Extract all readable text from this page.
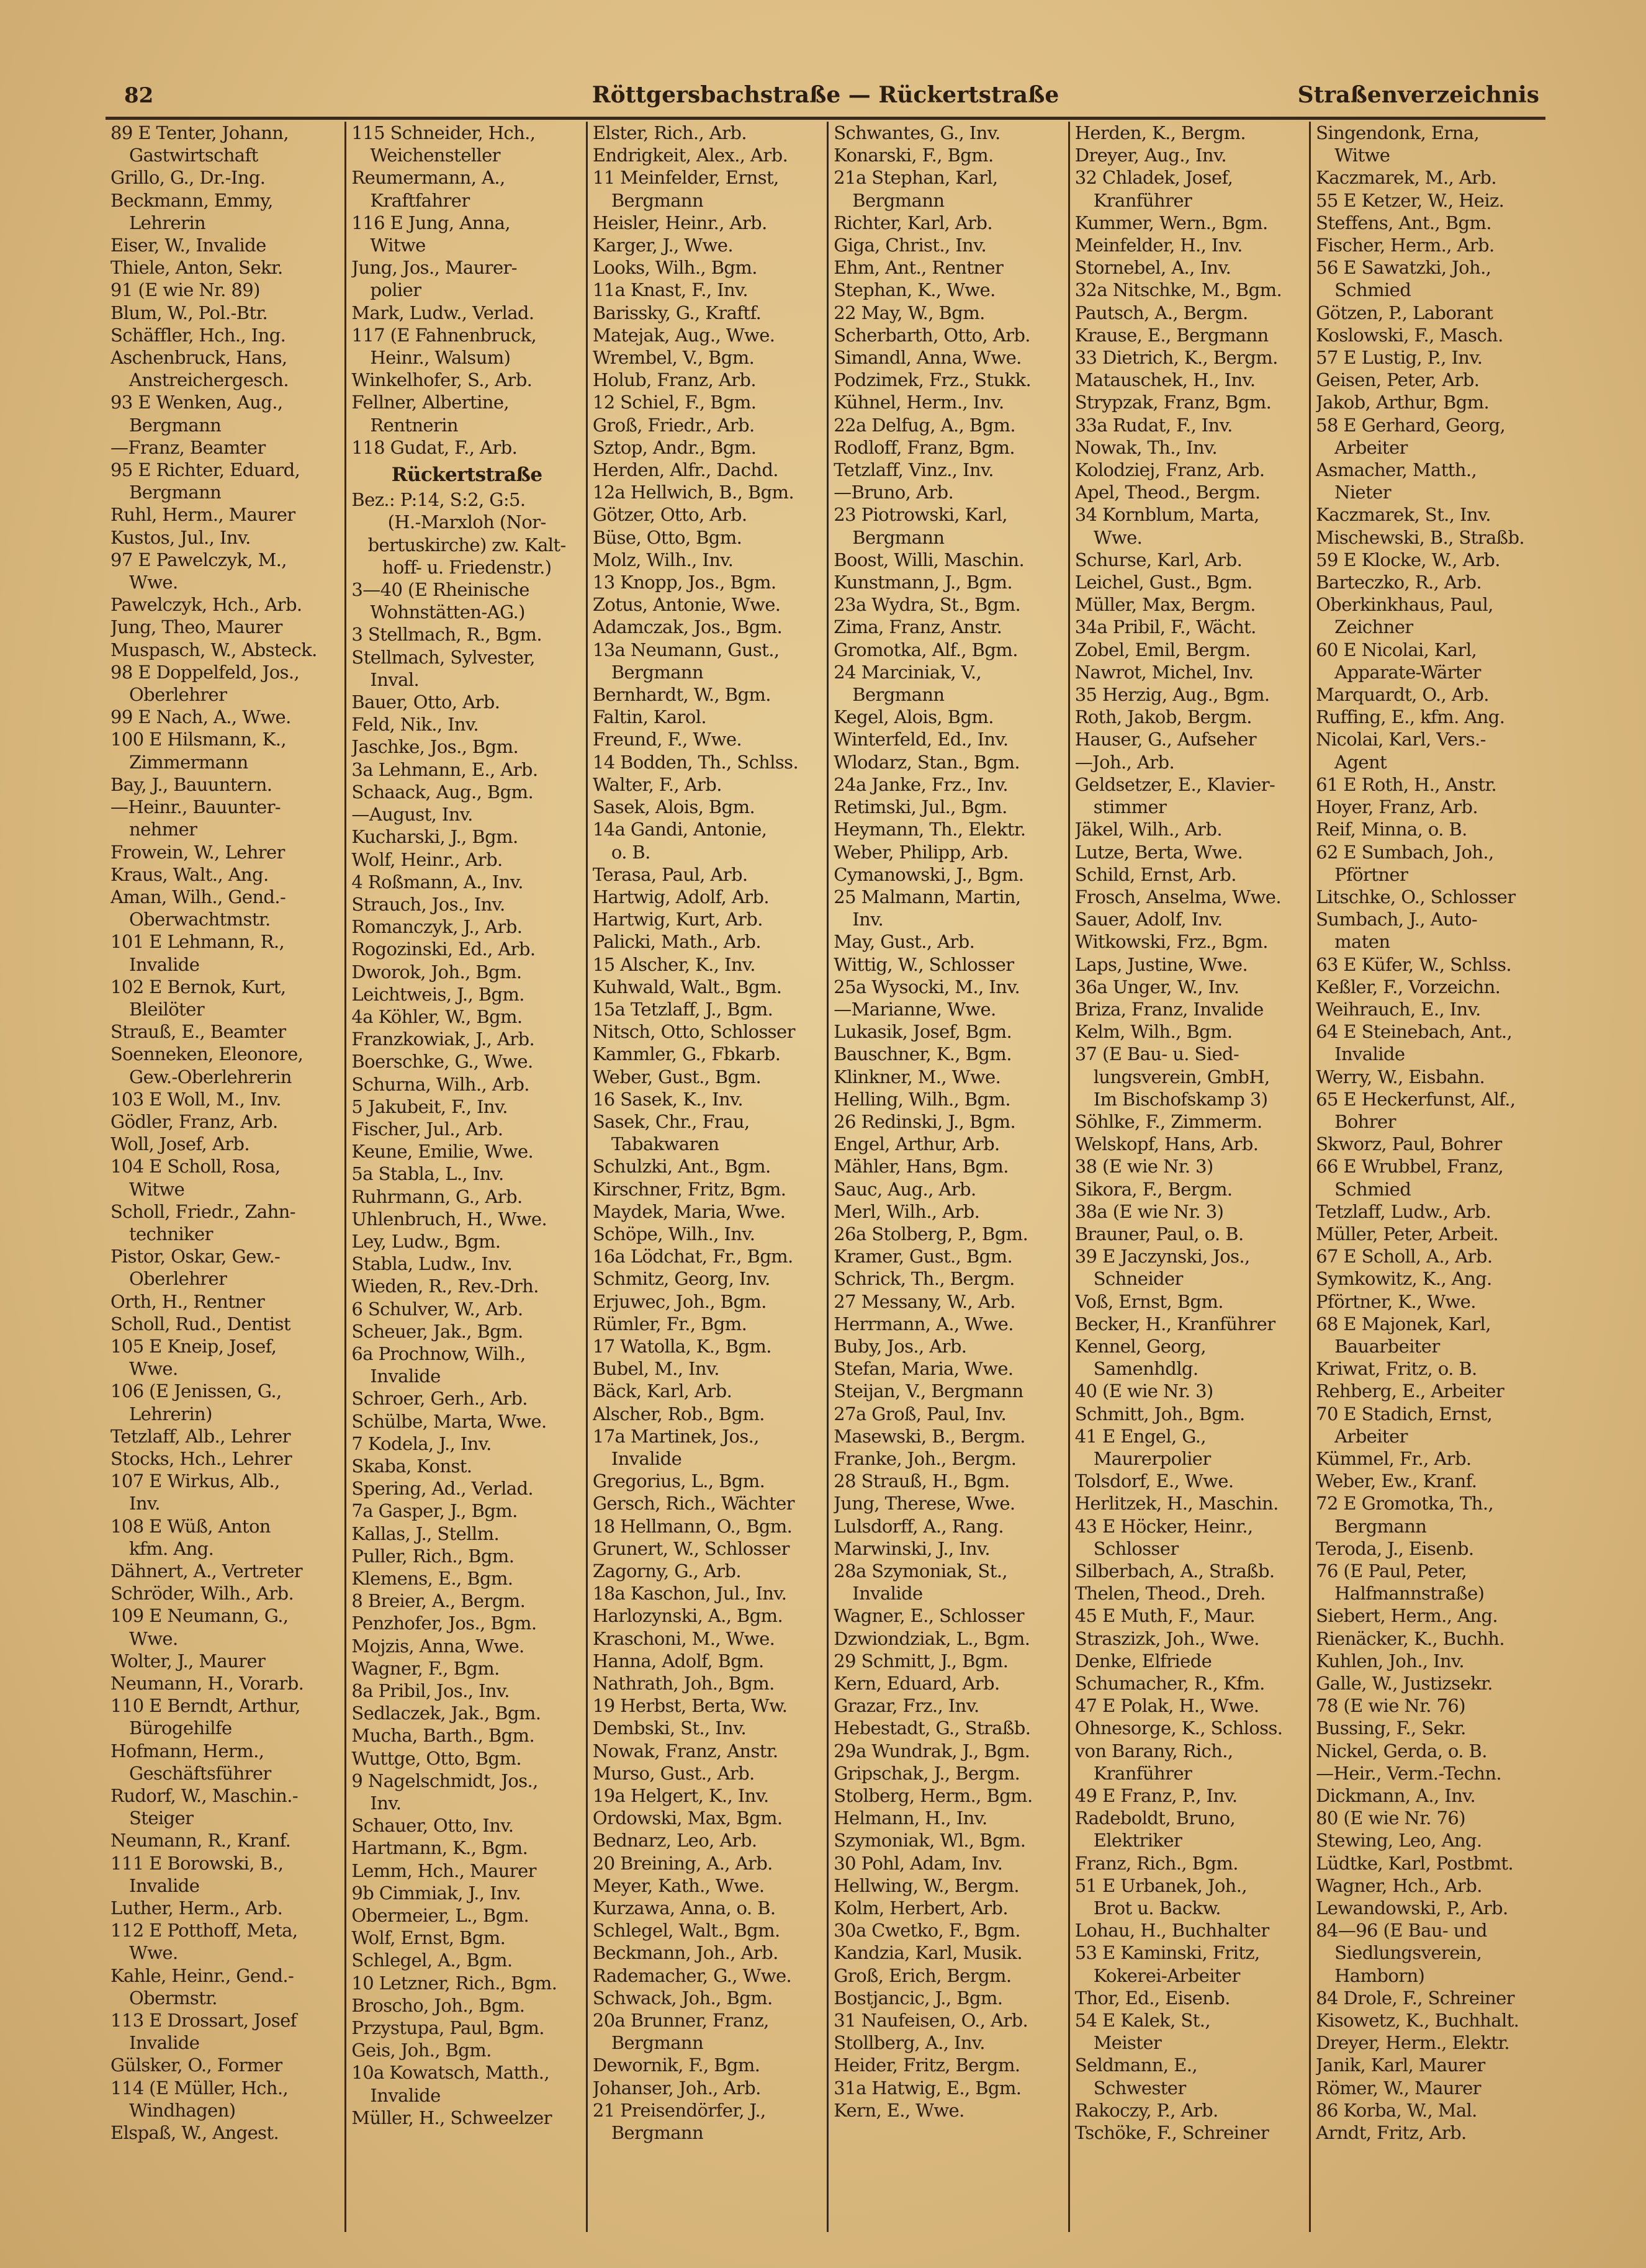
82	Röttgersbachstraße — Rückertstraße	Straßenverzeichnis
89 E Tenter, Johann,
Gastwirtschaft
Grillo, G., Dr.-Ing.
Beckmann, Emmy,
Lehrerin
Eiser, W., Invalide
Thiele, Anton, Sekr.
91 (E wie Nr. 89)
Blum, W., Pol.-Btr.
Schäffler, Hch., Ing.
Aschenbruck, Hans,
Anstreichergesch.
93 E Wenken, Aug.,
Bergmann
—Franz, Beamter
95 E Richter, Eduard,
Bergmann
Ruhl, Herm., Maurer
Kustos, Jul., Inv.
97 E Pawelczyk, M.,
Wwe.
Pawelczyk, Hch., Arb.
Jung, Theo, Maurer
Muspasch, W., Absteck.
98 E Doppelfeld, Jos.,
Oberlehrer
99 E Nach, A., Wwe.
100 E Hilsmann, K.,
Zimmermann
Bay, J., Bauuntern.
—Heinr., Bauunter-
nehmer
Frowein, W., Lehrer
Kraus, Walt., Ang.
Aman, Wilh., Gend.-
Oberwachtmstr.
101 E Lehmann, R.,
Invalide
102 E Bernok, Kurt,
Bleilöter
Strauß, E., Beamter
Soenneken, Eleonore,
Gew.-Oberlehrerin
103 E Woll, M., Inv.
Gödler, Franz, Arb.
Woll, Josef, Arb.
104 E Scholl, Rosa,
Witwe
Scholl, Friedr., Zahn-
techniker
Pistor, Oskar, Gew.-
Oberlehrer
Orth, H., Rentner
Scholl, Rud., Dentist
105 E Kneip, Josef,
Wwe.
106 (E Jenissen, G.,
Lehrerin)
Tetzlaff, Alb., Lehrer
Stocks, Hch., Lehrer
107 E Wirkus, Alb.,
Inv.
108 E Wüß, Anton
kfm. Ang.
Dähnert, A., Vertreter
Schröder, Wilh., Arb.
109 E Neumann, G.,
Wwe.
Wolter, J., Maurer
Neumann, H., Vorarb.
110 E Berndt, Arthur,
Bürogehilfe
Hofmann, Herm.,
Geschäftsführer
Rudorf, W., Maschin.-
Steiger
Neumann, R., Kranf.
111 E Borowski, B.,
Invalide
Luther, Herm., Arb.
112 E Potthoff, Meta,
Wwe.
Kahle, Heinr., Gend.-
Obermstr.
113 E Drossart, Josef
Invalide
Gülsker, O., Former
114 (E Müller, Hch.,
Windhagen)
Elspaß, W., Angest.
115 Schneider, Hch.,
Weichensteller
Reumermann, A.,
Kraftfahrer
116 E Jung, Anna,
Witwe
Jung, Jos., Maurer-
polier
Mark, Ludw., Verlad.
117 (E Fahnenbruck,
Heinr., Walsum)
Winkelhofer, S., Arb.
Fellner, Albertine,
Rentnerin
118 Gudat, F., Arb.
Rückertstraße
Bez.: P:14, S:2, G:5.
(H.-Marxloh (Nor-
bertuskirche) zw. Kalt-
hoff- u. Friedenstr.)
3—40 (E Rheinische
Wohnstätten-AG.)
3 Stellmach, R., Bgm.
Stellmach, Sylvester,
Inval.
Bauer, Otto, Arb.
Feld, Nik., Inv.
Jaschke, Jos., Bgm.
3a Lehmann, E., Arb.
Schaack, Aug., Bgm.
—August, Inv.
Kucharski, J., Bgm.
Wolf, Heinr., Arb.
4 Roßmann, A., Inv.
Strauch, Jos., Inv.
Romanczyk, J., Arb.
Rogozinski, Ed., Arb.
Dworok, Joh., Bgm.
Leichtweis, J., Bgm.
4a Köhler, W., Bgm.
Franzkowiak, J., Arb.
Boerschke, G., Wwe.
Schurna, Wilh., Arb.
5 Jakubeit, F., Inv.
Fischer, Jul., Arb.
Keune, Emilie, Wwe.
5a Stabla, L., Inv.
Ruhrmann, G., Arb.
Uhlenbruch, H., Wwe.
Ley, Ludw., Bgm.
Stabla, Ludw., Inv.
Wieden, R., Rev.-Drh.
6 Schulver, W., Arb.
Scheuer, Jak., Bgm.
6a Prochnow, Wilh.,
Invalide
Schroer, Gerh., Arb.
Schülbe, Marta, Wwe.
7 Kodela, J., Inv.
Skaba, Konst.
Spering, Ad., Verlad.
7a Gasper, J., Bgm.
Kallas, J., Stellm.
Puller, Rich., Bgm.
Klemens, E., Bgm.
8 Breier, A., Bergm.
Penzhofer, Jos., Bgm.
Mojzis, Anna, Wwe.
Wagner, F., Bgm.
8a Pribil, Jos., Inv.
Sedlaczek, Jak., Bgm.
Mucha, Barth., Bgm.
Wuttge, Otto, Bgm.
9 Nagelschmidt, Jos.,
Inv.
Schauer, Otto, Inv.
Hartmann, K., Bgm.
Lemm, Hch., Maurer
9b Cimmiak, J., Inv.
Obermeier, L., Bgm.
Wolf, Ernst, Bgm.
Schlegel, A., Bgm.
10 Letzner, Rich., Bgm.
Broscho, Joh., Bgm.
Przystupa, Paul, Bgm.
Geis, Joh., Bgm.
10a Kowatsch, Matth.,
Invalide
Müller, H., Schweelzer
Elster, Rich., Arb.
Endrigkeit, Alex., Arb.
11 Meinfelder, Ernst,
Bergmann
Heisler, Heinr., Arb.
Karger, J., Wwe.
Looks, Wilh., Bgm.
11a Knast, F., Inv.
Barissky, G., Kraftf.
Matejak, Aug., Wwe.
Wrembel, V., Bgm.
Holub, Franz, Arb.
12 Schiel, F., Bgm.
Groß, Friedr., Arb.
Sztop, Andr., Bgm.
Herden, Alfr., Dachd.
12a Hellwich, B., Bgm.
Götzer, Otto, Arb.
Büse, Otto, Bgm.
Molz, Wilh., Inv.
13 Knopp, Jos., Bgm.
Zotus, Antonie, Wwe.
Adamczak, Jos., Bgm.
13a Neumann, Gust.,
Bergmann
Bernhardt, W., Bgm.
Faltin, Karol.
Freund, F., Wwe.
14 Bodden, Th., Schlss.
Walter, F., Arb.
Sasek, Alois, Bgm.
14a Gandi, Antonie,
o. B.
Terasa, Paul, Arb.
Hartwig, Adolf, Arb.
Hartwig, Kurt, Arb.
Palicki, Math., Arb.
15 Alscher, K., Inv.
Kuhwald, Walt., Bgm.
15a Tetzlaff, J., Bgm.
Nitsch, Otto, Schlosser
Kammler, G., Fbkarb.
Weber, Gust., Bgm.
16 Sasek, K., Inv.
Sasek, Chr., Frau,
Tabakwaren
Schulzki, Ant., Bgm.
Kirschner, Fritz, Bgm.
Maydek, Maria, Wwe.
Schöpe, Wilh., Inv.
16a Lödchat, Fr., Bgm.
Schmitz, Georg, Inv.
Erjuwec, Joh., Bgm.
Rümler, Fr., Bgm.
17 Watolla, K., Bgm.
Bubel, M., Inv.
Bäck, Karl, Arb.
Alscher, Rob., Bgm.
17a Martinek, Jos.,
Invalide
Gregorius, L., Bgm.
Gersch, Rich., Wächter
18 Hellmann, O., Bgm.
Grunert, W., Schlosser
Zagorny, G., Arb.
18a Kaschon, Jul., Inv.
Harlozynski, A., Bgm.
Kraschoni, M., Wwe.
Hanna, Adolf, Bgm.
Nathrath, Joh., Bgm.
19 Herbst, Berta, Ww.
Dembski, St., Inv.
Nowak, Franz, Anstr.
Murso, Gust., Arb.
19a Helgert, K., Inv.
Ordowski, Max, Bgm.
Bednarz, Leo, Arb.
20 Breining, A., Arb.
Meyer, Kath., Wwe.
Kurzawa, Anna, o. B.
Schlegel, Walt., Bgm.
Beckmann, Joh., Arb.
Rademacher, G., Wwe.
Schwack, Joh., Bgm.
20a Brunner, Franz,
Bergmann
Dewornik, F., Bgm.
Johanser, Joh., Arb.
21 Preisendörfer, J.,
Bergmann
Schwantes, G., Inv.
Konarski, F., Bgm.
21a Stephan, Karl,
Bergmann
Richter, Karl, Arb.
Giga, Christ., Inv.
Ehm, Ant., Rentner
Stephan, K., Wwe.
22 May, W., Bgm.
Scherbarth, Otto, Arb.
Simandl, Anna, Wwe.
Podzimek, Frz., Stukk.
Kühnel, Herm., Inv.
22a Delfug, A., Bgm.
Rodloff, Franz, Bgm.
Tetzlaff, Vinz., Inv.
—Bruno, Arb.
23 Piotrowski, Karl,
Bergmann
Boost, Willi, Maschin.
Kunstmann, J., Bgm.
23a Wydra, St., Bgm.
Zima, Franz, Anstr.
Gromotka, Alf., Bgm.
24 Marciniak, V.,
Bergmann
Kegel, Alois, Bgm.
Winterfeld, Ed., Inv.
Wlodarz, Stan., Bgm.
24a Janke, Frz., Inv.
Retimski, Jul., Bgm.
Heymann, Th., Elektr.
Weber, Philipp, Arb.
Cymanowski, J., Bgm.
25 Malmann, Martin,
Inv.
May, Gust., Arb.
Wittig, W., Schlosser
25a Wysocki, M., Inv.
—Marianne, Wwe.
Lukasik, Josef, Bgm.
Bauschner, K., Bgm.
Klinkner, M., Wwe.
Helling, Wilh., Bgm.
26 Redinski, J., Bgm.
Engel, Arthur, Arb.
Mähler, Hans, Bgm.
Sauc, Aug., Arb.
Merl, Wilh., Arb.
26a Stolberg, P., Bgm.
Kramer, Gust., Bgm.
Schrick, Th., Bergm.
27 Messany, W., Arb.
Herrmann, A., Wwe.
Buby, Jos., Arb.
Stefan, Maria, Wwe.
Steijan, V., Bergmann
27a Groß, Paul, Inv.
Masewski, B., Bergm.
Franke, Joh., Bergm.
28 Strauß, H., Bgm.
Jung, Therese, Wwe.
Lulsdorff, A., Rang.
Marwinski, J., Inv.
28a Szymoniak, St.,
Invalide
Wagner, E., Schlosser
Dzwiondziak, L., Bgm.
29 Schmitt, J., Bgm.
Kern, Eduard, Arb.
Grazar, Frz., Inv.
Hebestadt, G., Straßb.
29a Wundrak, J., Bgm.
Gripschak, J., Bergm.
Stolberg, Herm., Bgm.
Helmann, H., Inv.
Szymoniak, Wl., Bgm.
30 Pohl, Adam, Inv.
Hellwing, W., Bergm.
Kolm, Herbert, Arb.
30a Cwetko, F., Bgm.
Kandzia, Karl, Musik.
Groß, Erich, Bergm.
Bostjancic, J., Bgm.
31 Naufeisen, O., Arb.
Stollberg, A., Inv.
Heider, Fritz, Bergm.
31a Hatwig, E., Bgm.
Kern, E., Wwe.
Herden, K., Bergm.
Dreyer, Aug., Inv.
32 Chladek, Josef,
Kranführer
Kummer, Wern., Bgm.
Meinfelder, H., Inv.
Stornebel, A., Inv.
32a Nitschke, M., Bgm.
Pautsch, A., Bergm.
Krause, E., Bergmann
33 Dietrich, K., Bergm.
Matauschek, H., Inv.
Strypzak, Franz, Bgm.
33a Rudat, F., Inv.
Nowak, Th., Inv.
Kolodziej, Franz, Arb.
Apel, Theod., Bergm.
34 Kornblum, Marta,
Wwe.
Schurse, Karl, Arb.
Leichel, Gust., Bgm.
Müller, Max, Bergm.
34a Pribil, F., Wächt.
Zobel, Emil, Bergm.
Nawrot, Michel, Inv.
35 Herzig, Aug., Bgm.
Roth, Jakob, Bergm.
Hauser, G., Aufseher
—Joh., Arb.
Geldsetzer, E., Klavier-
stimmer
Jäkel, Wilh., Arb.
Lutze, Berta, Wwe.
Schild, Ernst, Arb.
Frosch, Anselma, Wwe.
Sauer, Adolf, Inv.
Witkowski, Frz., Bgm.
Laps, Justine, Wwe.
36a Unger, W., Inv.
Briza, Franz, Invalide
Kelm, Wilh., Bgm.
37 (E Bau- u. Sied-
lungsverein, GmbH,
Im Bischofskamp 3)
Söhlke, F., Zimmerm.
Welskopf, Hans, Arb.
38 (E wie Nr. 3)
Sikora, F., Bergm.
38a (E wie Nr. 3)
Brauner, Paul, o. B.
39 E Jaczynski, Jos.,
Schneider
Voß, Ernst, Bgm.
Becker, H., Kranführer
Kennel, Georg,
Samenhdlg.
40 (E wie Nr. 3)
Schmitt, Joh., Bgm.
41 E Engel, G.,
Maurerpolier
Tolsdorf, E., Wwe.
Herlitzek, H., Maschin.
43 E Höcker, Heinr.,
Schlosser
Silberbach, A., Straßb.
Thelen, Theod., Dreh.
45 E Muth, F., Maur.
Straszizk, Joh., Wwe.
Denke, Elfriede
Schumacher, R., Kfm.
47 E Polak, H., Wwe.
Ohnesorge, K., Schloss.
von Barany, Rich.,
Kranführer
49 E Franz, P., Inv.
Radeboldt, Bruno,
Elektriker
Franz, Rich., Bgm.
51 E Urbanek, Joh.,
Brot u. Backw.
Lohau, H., Buchhalter
53 E Kaminski, Fritz,
Kokerei-Arbeiter
Thor, Ed., Eisenb.
54 E Kalek, St.,
Meister
Seldmann, E.,
Schwester
Rakoczy, P., Arb.
Tschöke, F., Schreiner
Singendonk, Erna,
Witwe
Kaczmarek, M., Arb.
55 E Ketzer, W., Heiz.
Steffens, Ant., Bgm.
Fischer, Herm., Arb.
56 E Sawatzki, Joh.,
Schmied
Götzen, P., Laborant
Koslowski, F., Masch.
57 E Lustig, P., Inv.
Geisen, Peter, Arb.
Jakob, Arthur, Bgm.
58 E Gerhard, Georg,
Arbeiter
Asmacher, Matth.,
Nieter
Kaczmarek, St., Inv.
Mischewski, B., Straßb.
59 E Klocke, W., Arb.
Barteczko, R., Arb.
Oberkinkhaus, Paul,
Zeichner
60 E Nicolai, Karl,
Apparate-Wärter
Marquardt, O., Arb.
Ruffing, E., kfm. Ang.
Nicolai, Karl, Vers.-
Agent
61 E Roth, H., Anstr.
Hoyer, Franz, Arb.
Reif, Minna, o. B.
62 E Sumbach, Joh.,
Pförtner
Litschke, O., Schlosser
Sumbach, J., Auto-
maten
63 E Küfer, W., Schlss.
Keßler, F., Vorzeichn.
Weihrauch, E., Inv.
64 E Steinebach, Ant.,
Invalide
Werry, W., Eisbahn.
65 E Heckerfunst, Alf.,
Bohrer
Skworz, Paul, Bohrer
66 E Wrubbel, Franz,
Schmied
Tetzlaff, Ludw., Arb.
Müller, Peter, Arbeit.
67 E Scholl, A., Arb.
Symkowitz, K., Ang.
Pförtner, K., Wwe.
68 E Majonek, Karl,
Bauarbeiter
Kriwat, Fritz, o. B.
Rehberg, E., Arbeiter
70 E Stadich, Ernst,
Arbeiter
Kümmel, Fr., Arb.
Weber, Ew., Kranf.
72 E Gromotka, Th.,
Bergmann
Teroda, J., Eisenb.
76 (E Paul, Peter,
Halfmannstraße)
Siebert, Herm., Ang.
Rienäcker, K., Buchh.
Kuhlen, Joh., Inv.
Galle, W., Justizsekr.
78 (E wie Nr. 76)
Bussing, F., Sekr.
Nickel, Gerda, o. B.
—Heir., Verm.-Techn.
Dickmann, A., Inv.
80 (E wie Nr. 76)
Stewing, Leo, Ang.
Lüdtke, Karl, Postbmt.
Wagner, Hch., Arb.
Lewandowski, P., Arb.
84—96 (E Bau- und
Siedlungsverein,
Hamborn)
84 Drole, F., Schreiner
Kisowetz, K., Buchhalt.
Dreyer, Herm., Elektr.
Janik, Karl, Maurer
Römer, W., Maurer
86 Korba, W., Mal.
Arndt, Fritz, Arb.
